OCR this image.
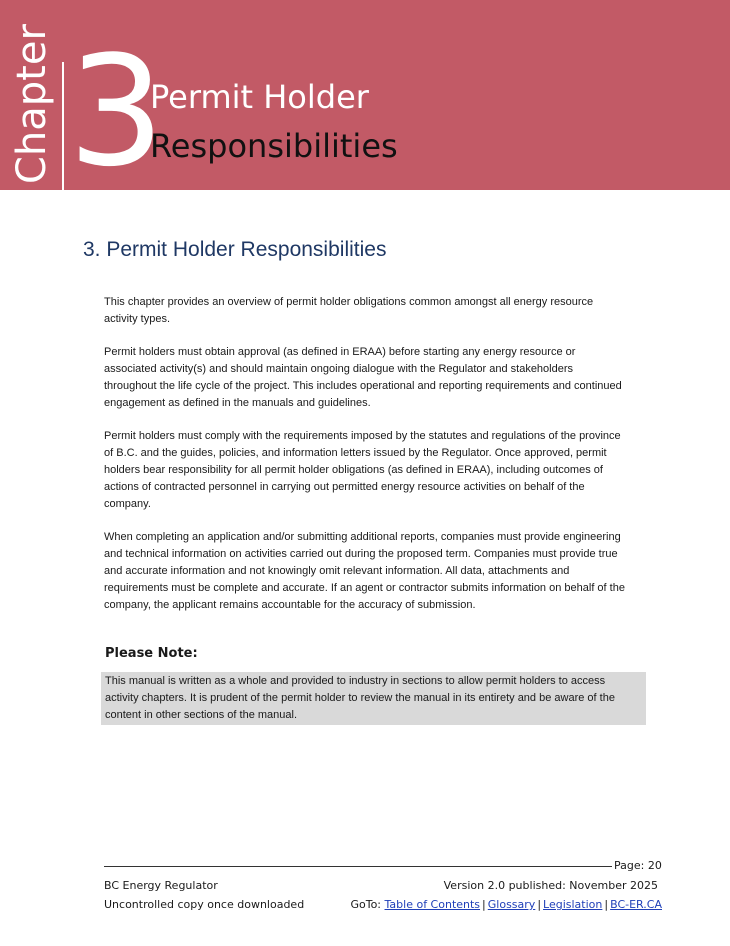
Chapter 3
Permit Holder
Responsibilities
3. Permit Holder Responsibilities

This chapter provides an overview of permit holder obligations common amongst all energy resource activity types.

Permit holders must obtain approval (as defined in ERAA) before starting any energy resource or associated activity(s) and should maintain ongoing dialogue with the Regulator and stakeholders throughout the life cycle of the project. This includes operational and reporting requirements and continued engagement as defined in the manuals and guidelines.

Permit holders must comply with the requirements imposed by the statutes and regulations of the province of B.C. and the guides, policies, and information letters issued by the Regulator. Once approved, permit holders bear responsibility for all permit holder obligations (as defined in ERAA), including outcomes of actions of contracted personnel in carrying out permitted energy resource activities on behalf of the company.

When completing an application and/or submitting additional reports, companies must provide engineering and technical information on activities carried out during the proposed term. Companies must provide true and accurate information and not knowingly omit relevant information. All data, attachments and requirements must be complete and accurate. If an agent or contractor submits information on behalf of the company, the applicant remains accountable for the accuracy of submission.

Please Note:
This manual is written as a whole and provided to industry in sections to allow permit holders to access activity chapters. It is prudent of the permit holder to review the manual in its entirety and be aware of the content in other sections of the manual.
Page: 20
BC Energy Regulator	Version 2.0 published: November 2025
Uncontrolled copy once downloaded	GoTo: Table of Contents | Glossary | Legislation | BC-ER.CA
